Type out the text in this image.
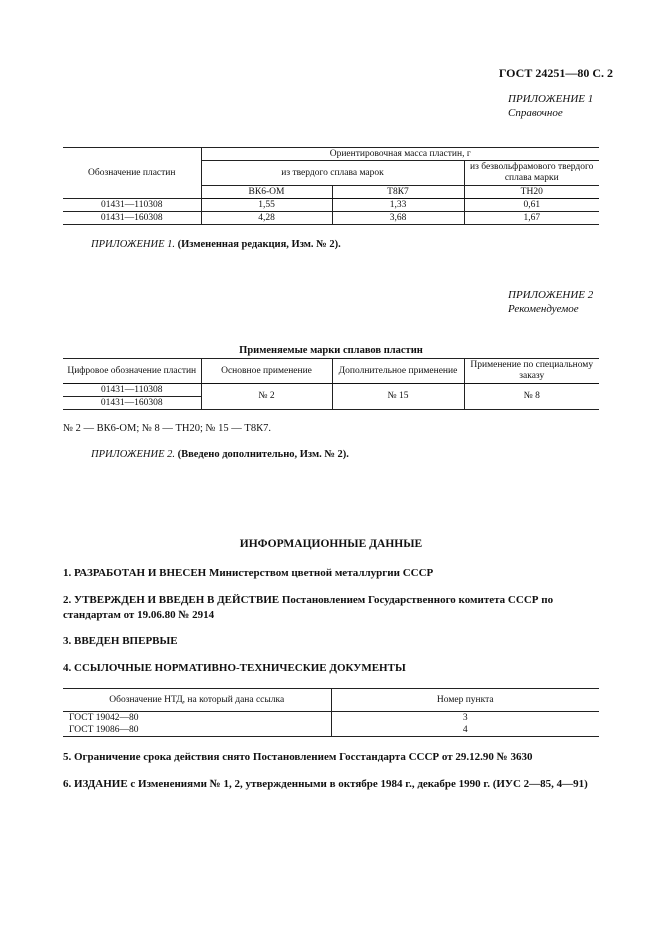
ГОСТ 24251—80 С. 2
ПРИЛОЖЕНИЕ 1
Справочное
Обозначение пластин	Ориентировочная масса пластин, г		
	из твердого сплава марок		из безвольфрамового твердого сплава марки
	ВК6-ОМ	Т8К7	ТН20
01431—110308	1,55	1,33	0,61
01431—160308	4,28	3,68	1,67
ПРИЛОЖЕНИЕ 1. (Измененная редакция, Изм. № 2).
ПРИЛОЖЕНИЕ 2
Рекомендуемое
Применяемые марки сплавов пластин
Цифровое обозначение пластин	Основное применение	Дополнительное применение	Применение по специальному заказу
01431—110308	№ 2	№ 15	№ 8
01431—160308			
№ 2 — ВК6-ОМ; № 8 — ТН20; № 15 — Т8К7.
ПРИЛОЖЕНИЕ 2. (Введено дополнительно, Изм. № 2).
ИНФОРМАЦИОННЫЕ ДАННЫЕ
1. РАЗРАБОТАН И ВНЕСЕН Министерством цветной металлургии СССР
2. УТВЕРЖДЕН И ВВЕДЕН В ДЕЙСТВИЕ Постановлением Государственного комитета СССР по стандартам от 19.06.80 № 2914
3. ВВЕДЕН ВПЕРВЫЕ
4. ССЫЛОЧНЫЕ НОРМАТИВНО-ТЕХНИЧЕСКИЕ ДОКУМЕНТЫ
Обозначение НТД, на который дана ссылка	Номер пункта
ГОСТ 19042—80	3
ГОСТ 19086—80	4
5. Ограничение срока действия снято Постановлением Госстандарта СССР от 29.12.90 № 3630
6. ИЗДАНИЕ с Изменениями № 1, 2, утвержденными в октябре 1984 г., декабре 1990 г. (ИУС 2—85, 4—91)
